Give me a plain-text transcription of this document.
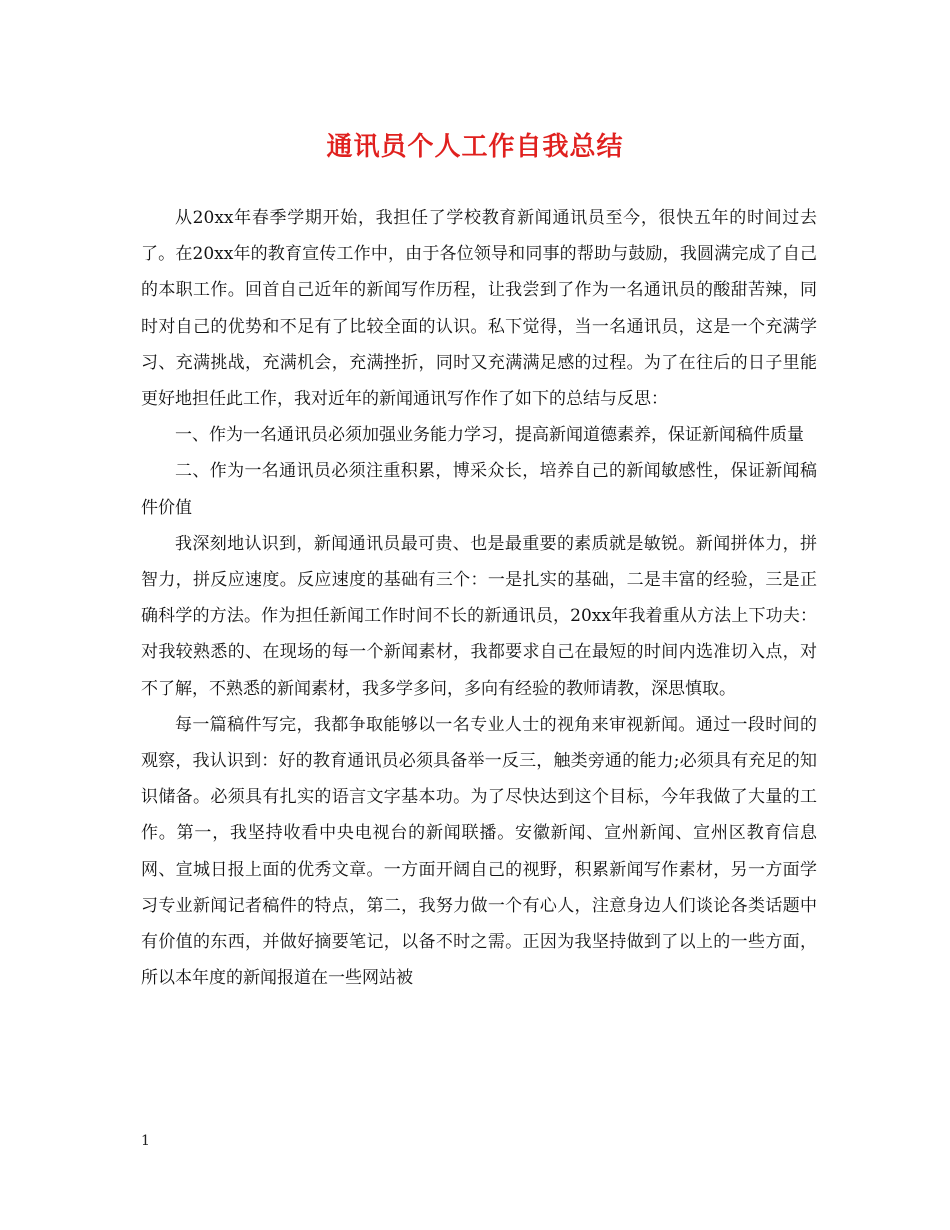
通讯员个人工作自我总结

从20xx年春季学期开始，我担任了学校教育新闻通讯员至今，很快五年的时间过去了。在20xx年的教育宣传工作中，由于各位领导和同事的帮助与鼓励，我圆满完成了自己的本职工作。回首自己近年的新闻写作历程，让我尝到了作为一名通讯员的酸甜苦辣，同时对自己的优势和不足有了比较全面的认识。私下觉得，当一名通讯员，这是一个充满学习、充满挑战，充满机会，充满挫折，同时又充满满足感的过程。为了在往后的日子里能更好地担任此工作，我对近年的新闻通讯写作作了如下的总结与反思：

一、作为一名通讯员必须加强业务能力学习，提高新闻道德素养，保证新闻稿件质量

二、作为一名通讯员必须注重积累，博采众长，培养自己的新闻敏感性，保证新闻稿件价值

我深刻地认识到，新闻通讯员最可贵、也是最重要的素质就是敏锐。新闻拼体力，拼智力，拼反应速度。反应速度的基础有三个：一是扎实的基础，二是丰富的经验，三是正确科学的方法。作为担任新闻工作时间不长的新通讯员，20xx年我着重从方法上下功夫：对我较熟悉的、在现场的每一个新闻素材，我都要求自己在最短的时间内选准切入点，对不了解，不熟悉的新闻素材，我多学多问，多向有经验的教师请教，深思慎取。

每一篇稿件写完，我都争取能够以一名专业人士的视角来审视新闻。通过一段时间的观察，我认识到：好的教育通讯员必须具备举一反三，触类旁通的能力;必须具有充足的知识储备。必须具有扎实的语言文字基本功。为了尽快达到这个目标，今年我做了大量的工作。第一，我坚持收看中央电视台的新闻联播。安徽新闻、宣州新闻、宣州区教育信息网、宣城日报上面的优秀文章。一方面开阔自己的视野，积累新闻写作素材，另一方面学习专业新闻记者稿件的特点，第二，我努力做一个有心人，注意身边人们谈论各类话题中有价值的东西，并做好摘要笔记，以备不时之需。正因为我坚持做到了以上的一些方面，所以本年度的新闻报道在一些网站被

1
